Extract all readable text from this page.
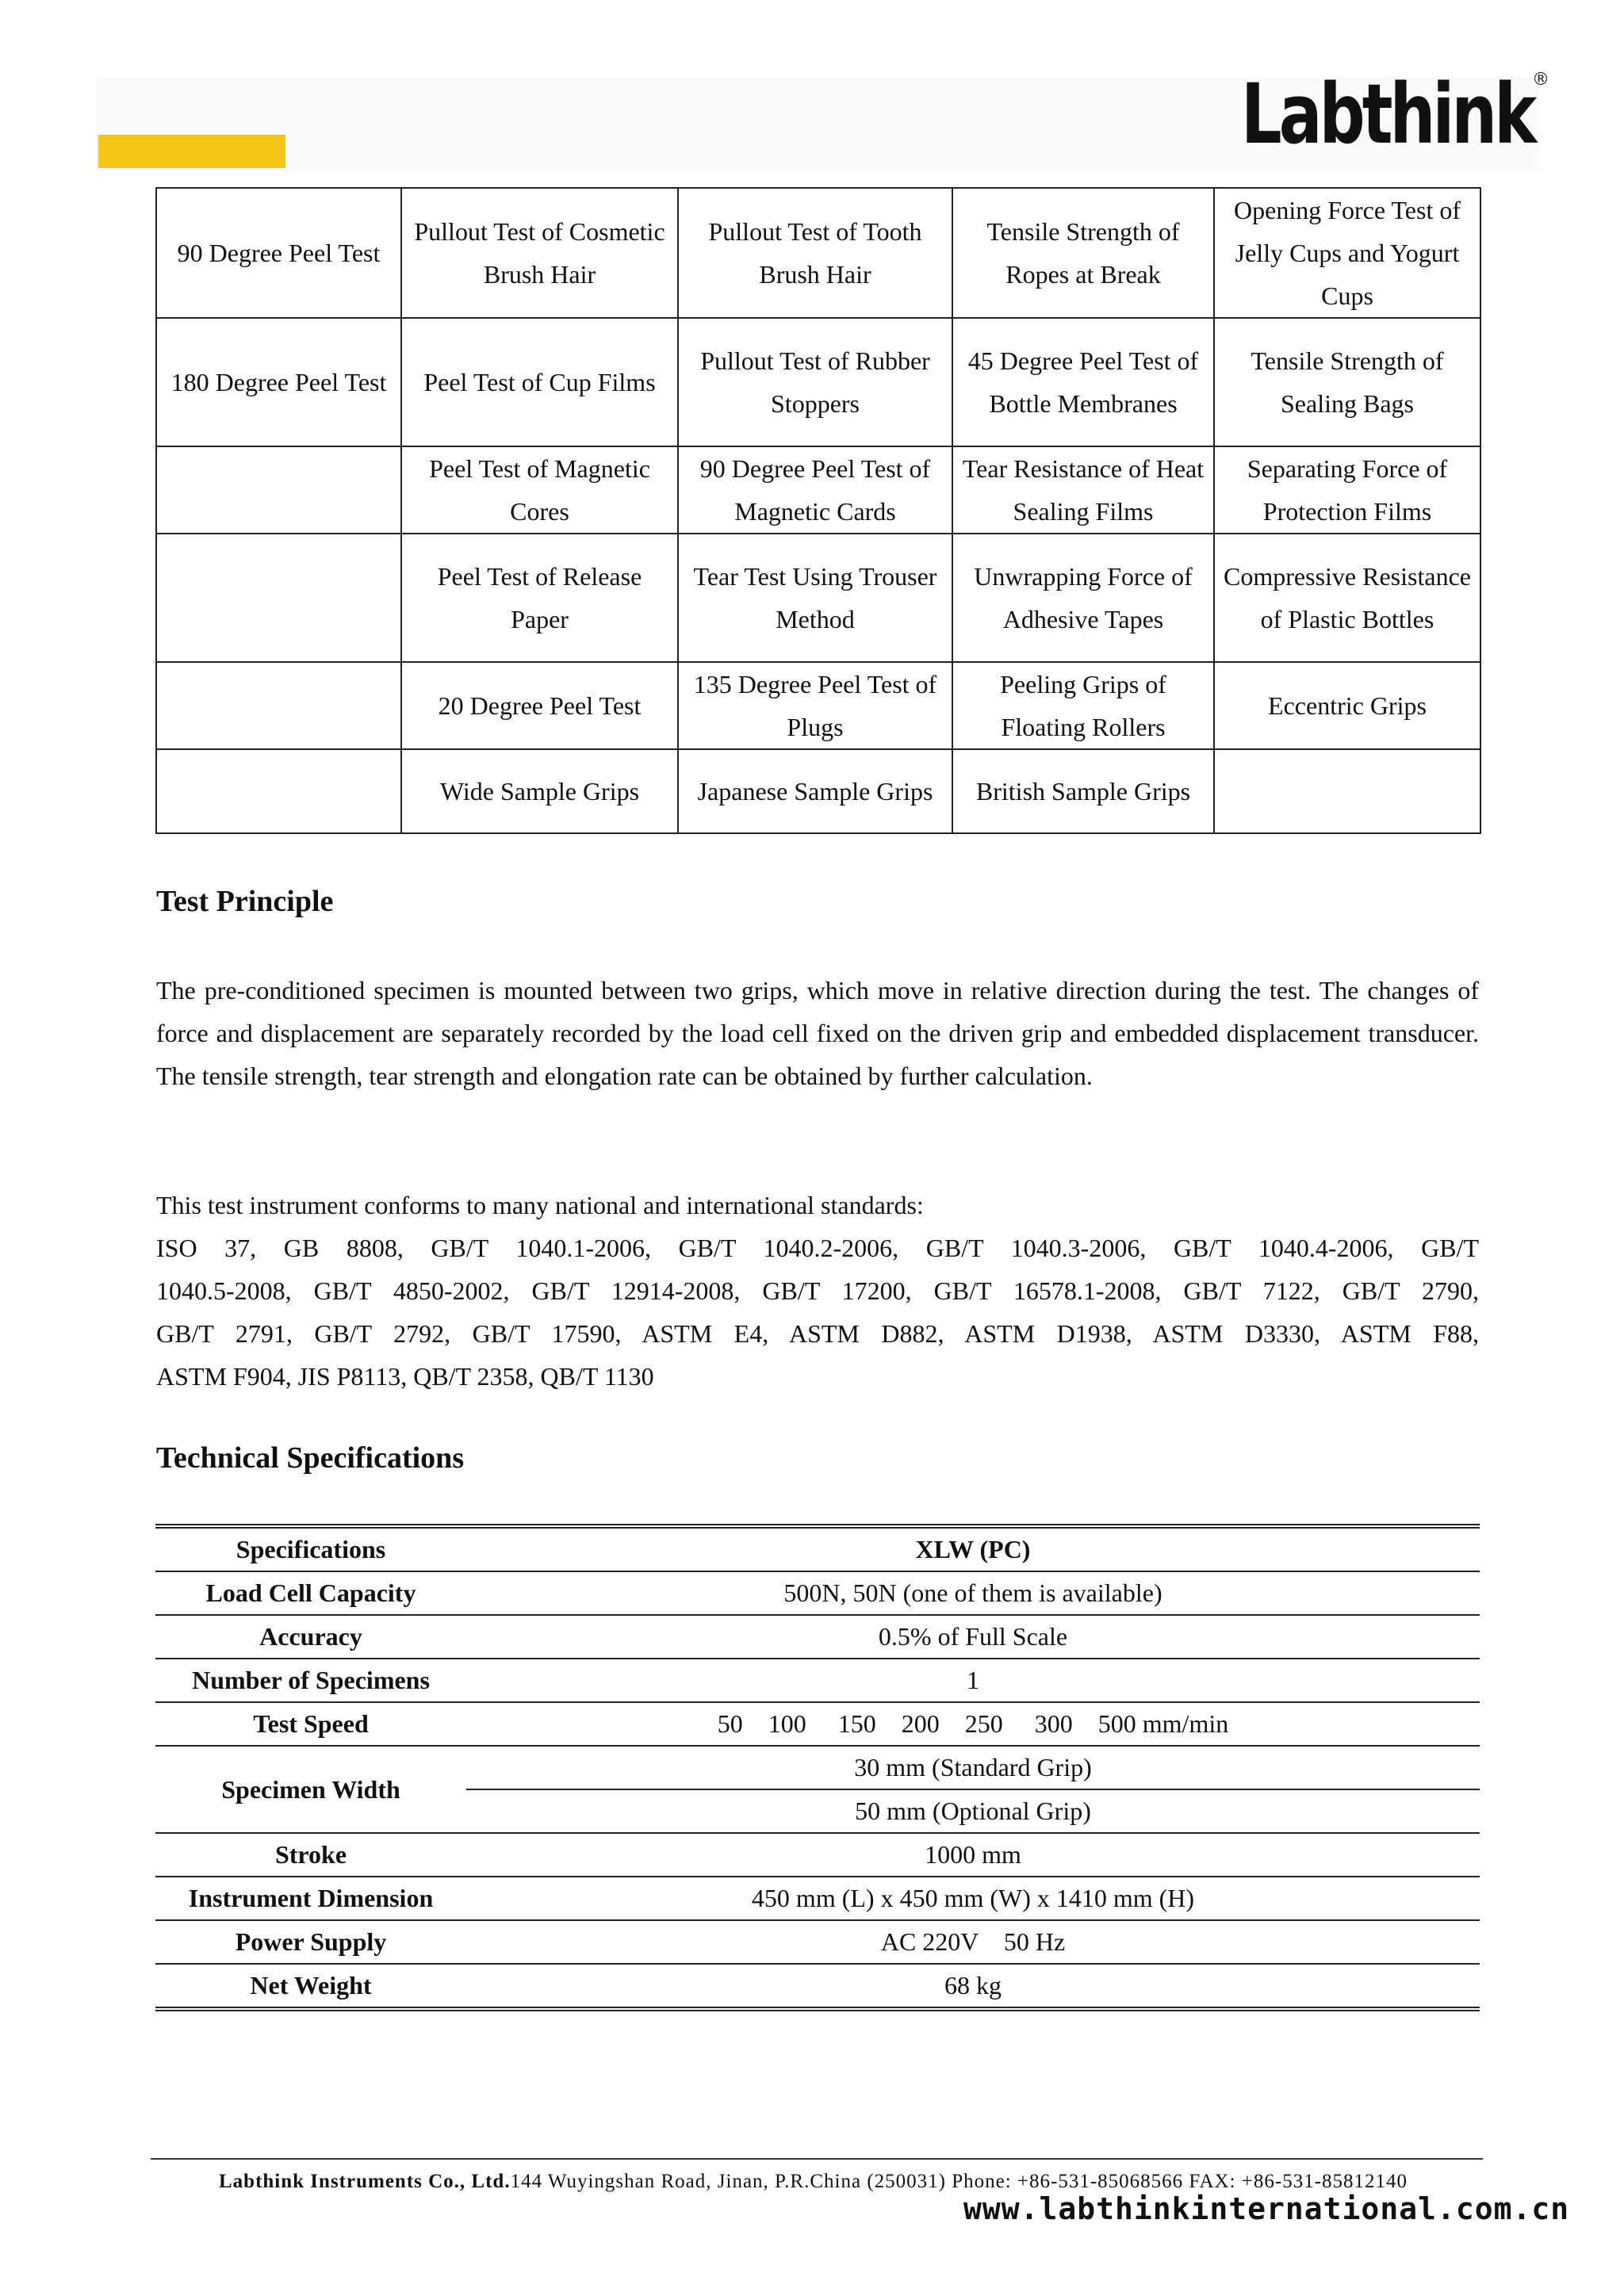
Labthink
®
90 Degree Peel Test	Pullout Test of Cosmetic Brush Hair	Pullout Test of Tooth Brush Hair	Tensile Strength of Ropes at Break	Opening Force Test of Jelly Cups and Yogurt Cups
180 Degree Peel Test	Peel Test of Cup Films	Pullout Test of Rubber Stoppers	45 Degree Peel Test of Bottle Membranes	Tensile Strength of Sealing Bags
	Peel Test of Magnetic Cores	90 Degree Peel Test of Magnetic Cards	Tear Resistance of Heat Sealing Films	Separating Force of Protection Films
	Peel Test of Release Paper	Tear Test Using Trouser Method	Unwrapping Force of Adhesive Tapes	Compressive Resistance of Plastic Bottles
	20 Degree Peel Test	135 Degree Peel Test of Plugs	Peeling Grips of Floating Rollers	Eccentric Grips
	Wide Sample Grips	Japanese Sample Grips	British Sample Grips	
Test Principle

The pre-conditioned specimen is mounted between two grips, which move in relative direction during the test. The changes of force and displacement are separately recorded by the load cell fixed on the driven grip and embedded displacement transducer. The tensile strength, tear strength and elongation rate can be obtained by further calculation.

This test instrument conforms to many national and international standards:
ISO 37, GB 8808, GB/T 1040.1-2006, GB/T 1040.2-2006, GB/T 1040.3-2006, GB/T 1040.4-2006, GB/T
1040.5-2008, GB/T 4850-2002, GB/T 12914-2008, GB/T 17200, GB/T 16578.1-2008, GB/T 7122, GB/T 2790,
GB/T 2791, GB/T 2792, GB/T 17590, ASTM E4, ASTM D882, ASTM D1938, ASTM D3330, ASTM F88,
ASTM F904, JIS P8113, QB/T 2358, QB/T 1130

Technical Specifications
Specifications	XLW (PC)
Load Cell Capacity	500N, 50N (one of them is available)
Accuracy	0.5% of Full Scale
Number of Specimens	1
Test Speed	50    100     150    200    250     300    500 mm/min
Specimen Width	30 mm (Standard Grip)
	50 mm (Optional Grip)
Stroke	1000 mm
Instrument Dimension	450 mm (L) x 450 mm (W) x 1410 mm (H)
Power Supply	AC 220V    50 Hz
Net Weight	68 kg
Labthink Instruments Co., Ltd.144 Wuyingshan Road, Jinan, P.R.China (250031) Phone: +86-531-85068566 FAX: +86-531-85812140
www.labthinkinternational.com.cn
